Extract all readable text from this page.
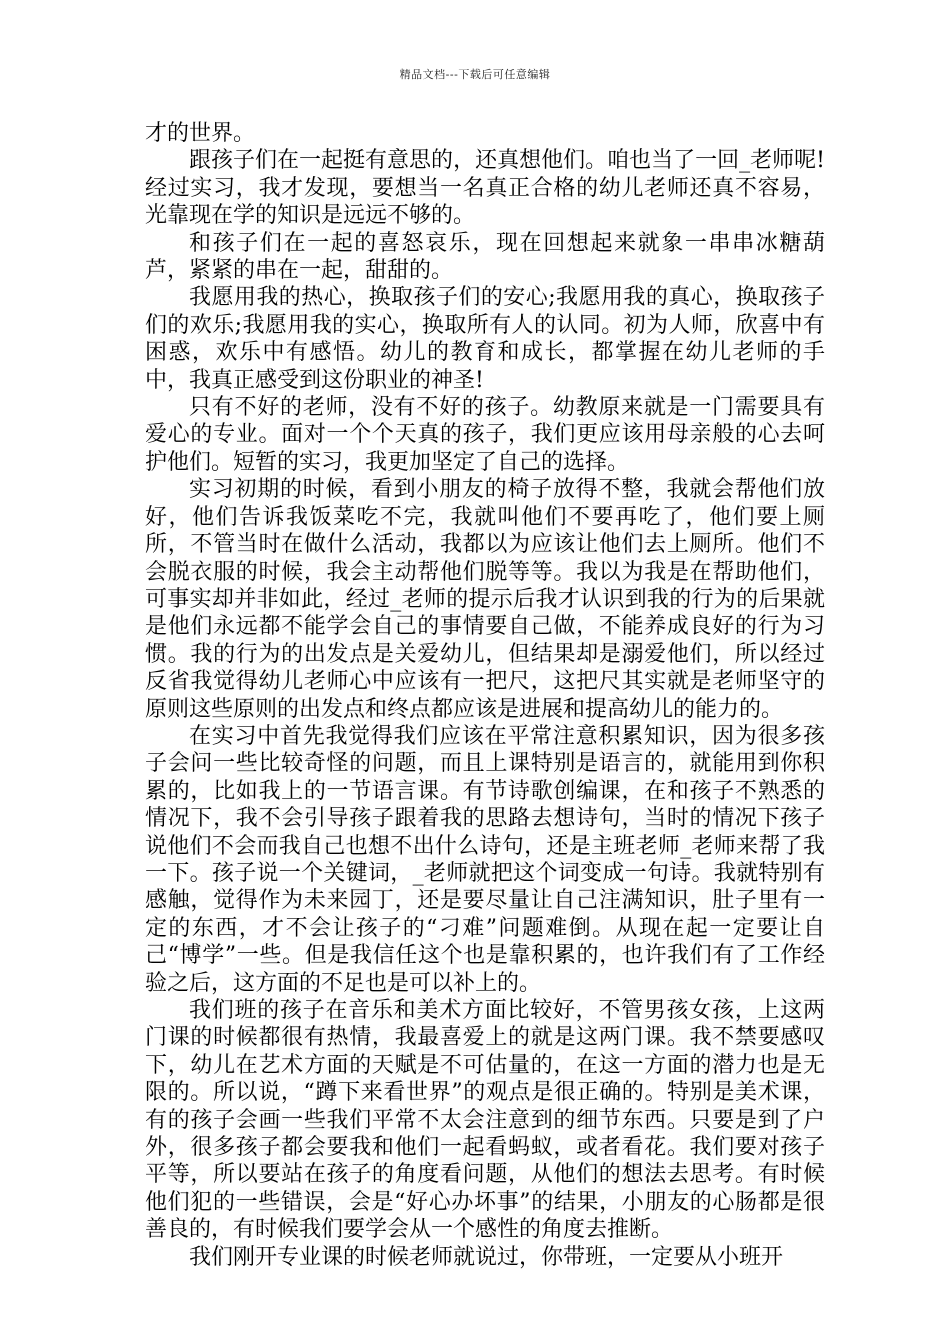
精品文档---下载后可任意编辑

才的世界。

跟孩子们在一起挺有意思的，还真想他们。咱也当了一回_老师呢!经过实习，我才发现，要想当一名真正合格的幼儿老师还真不容易，光靠现在学的知识是远远不够的。

和孩子们在一起的喜怒哀乐，现在回想起来就象一串串冰糖葫芦，紧紧的串在一起，甜甜的。

我愿用我的热心，换取孩子们的安心;我愿用我的真心，换取孩子们的欢乐;我愿用我的实心，换取所有人的认同。初为人师，欣喜中有困惑，欢乐中有感悟。幼儿的教育和成长，都掌握在幼儿老师的手中，我真正感受到这份职业的神圣!

只有不好的老师，没有不好的孩子。幼教原来就是一门需要具有爱心的专业。面对一个个天真的孩子，我们更应该用母亲般的心去呵护他们。短暂的实习，我更加坚定了自己的选择。

实习初期的时候，看到小朋友的椅子放得不整，我就会帮他们放好，他们告诉我饭菜吃不完，我就叫他们不要再吃了，他们要上厕所，不管当时在做什么活动，我都以为应该让他们去上厕所。他们不会脱衣服的时候，我会主动帮他们脱等等。我以为我是在帮助他们，可事实却并非如此，经过_老师的提示后我才认识到我的行为的后果就是他们永远都不能学会自己的事情要自己做，不能养成良好的行为习惯。我的行为的出发点是关爱幼儿，但结果却是溺爱他们，所以经过反省我觉得幼儿老师心中应该有一把尺，这把尺其实就是老师坚守的原则这些原则的出发点和终点都应该是进展和提高幼儿的能力的。

在实习中首先我觉得我们应该在平常注意积累知识，因为很多孩子会问一些比较奇怪的问题，而且上课特别是语言的，就能用到你积累的，比如我上的一节语言课。有节诗歌创编课，在和孩子不熟悉的情况下，我不会引导孩子跟着我的思路去想诗句，当时的情况下孩子说他们不会而我自己也想不出什么诗句，还是主班老师_老师来帮了我一下。孩子说一个关键词，_老师就把这个词变成一句诗。我就特别有感触，觉得作为未来园丁，还是要尽量让自己注满知识，肚子里有一定的东西，才不会让孩子的“刁难”问题难倒。从现在起一定要让自己“博学”一些。但是我信任这个也是靠积累的，也许我们有了工作经验之后，这方面的不足也是可以补上的。

我们班的孩子在音乐和美术方面比较好，不管男孩女孩，上这两门课的时候都很有热情，我最喜爱上的就是这两门课。我不禁要感叹下，幼儿在艺术方面的天赋是不可估量的，在这一方面的潜力也是无限的。所以说，“蹲下来看世界”的观点是很正确的。特别是美术课，有的孩子会画一些我们平常不太会注意到的细节东西。只要是到了户外，很多孩子都会要我和他们一起看蚂蚁，或者看花。我们要对孩子平等，所以要站在孩子的角度看问题，从他们的想法去思考。有时候他们犯的一些错误，会是“好心办坏事”的结果，小朋友的心肠都是很善良的，有时候我们要学会从一个感性的角度去推断。

我们刚开专业课的时候老师就说过，你带班，一定要从小班开
